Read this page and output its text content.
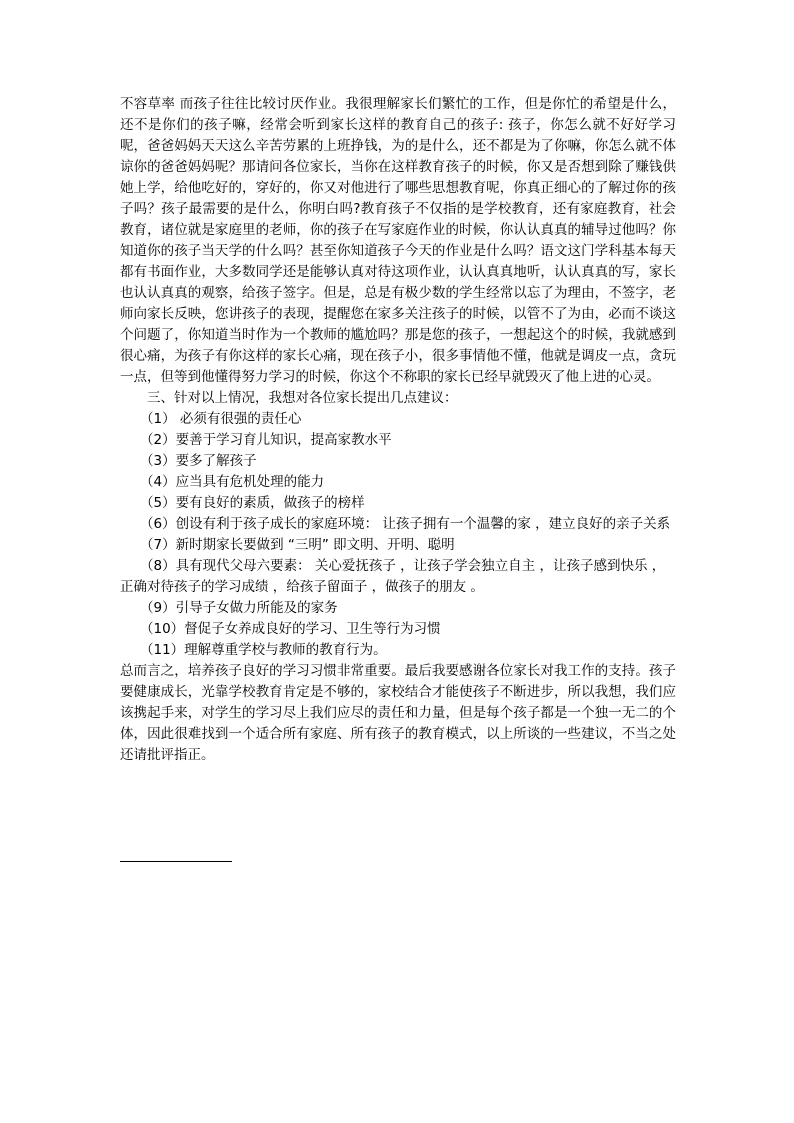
不容草率 而孩子往往比较讨厌作业。我很理解家长们繁忙的工作，但是你忙的希望是什么，还不是你们的孩子嘛，经常会听到家长这样的教育自己的孩子: 孩子，你怎么就不好好学习呢，爸爸妈妈天天这么辛苦劳累的上班挣钱，为的是什么，还不都是为了你嘛，你怎么就不体谅你的爸爸妈妈呢？那请问各位家长，当你在这样教育孩子的时候，你又是否想到除了赚钱供她上学，给他吃好的，穿好的，你又对他进行了哪些思想教育呢，你真正细心的了解过你的孩子吗？孩子最需要的是什么，你明白吗?教育孩子不仅指的是学校教育，还有家庭教育，社会教育，诸位就是家庭里的老师，你的孩子在写家庭作业的时候，你认认真真的辅导过他吗？你知道你的孩子当天学的什么吗？甚至你知道孩子今天的作业是什么吗？语文这门学科基本每天都有书面作业，大多数同学还是能够认真对待这项作业，认认真真地听，认认真真的写，家长也认认真真的观察，给孩子签字。但是，总是有极少数的学生经常以忘了为理由，不签字，老师向家长反映，您讲孩子的表现，提醒您在家多关注孩子的时候，以管不了为由，必而不谈这个问题了，你知道当时作为一个教师的尴尬吗？那是您的孩子，一想起这个的时候，我就感到很心痛，为孩子有你这样的家长心痛，现在孩子小，很多事情他不懂，他就是调皮一点，贪玩一点，但等到他懂得努力学习的时候，你这个不称职的家长已经早就毁灭了他上进的心灵。

三、针对以上情况，我想对各位家长提出几点建议：

（1） 必须有很强的责任心
（2）要善于学习育儿知识，提高家教水平
（3）要多了解孩子
（4）应当具有危机处理的能力
（5）要有良好的素质，做孩子的榜样
（6）创设有利于孩子成长的家庭环境： 让孩子拥有一个温馨的家 ，建立良好的亲子关系
（7）新时期家长要做到 “三明” 即文明、开明、聪明
（8）具有现代父母六要素： 关心爱抚孩子 ，让孩子学会独立自主 ，让孩子感到快乐 ，正确对待孩子的学习成绩 ，给孩子留面子 ，做孩子的朋友 。
（9）引导子女做力所能及的家务
（10）督促子女养成良好的学习、卫生等行为习惯
（11）理解尊重学校与教师的教育行为。

总而言之，培养孩子良好的学习习惯非常重要。最后我要感谢各位家长对我工作的支持。孩子要健康成长，光靠学校教育肯定是不够的，家校结合才能使孩子不断进步，所以我想，我们应该携起手来，对学生的学习尽上我们应尽的责任和力量，但是每个孩子都是一个独一无二的个体，因此很难找到一个适合所有家庭、所有孩子的教育模式，以上所谈的一些建议，不当之处还请批评指正。
